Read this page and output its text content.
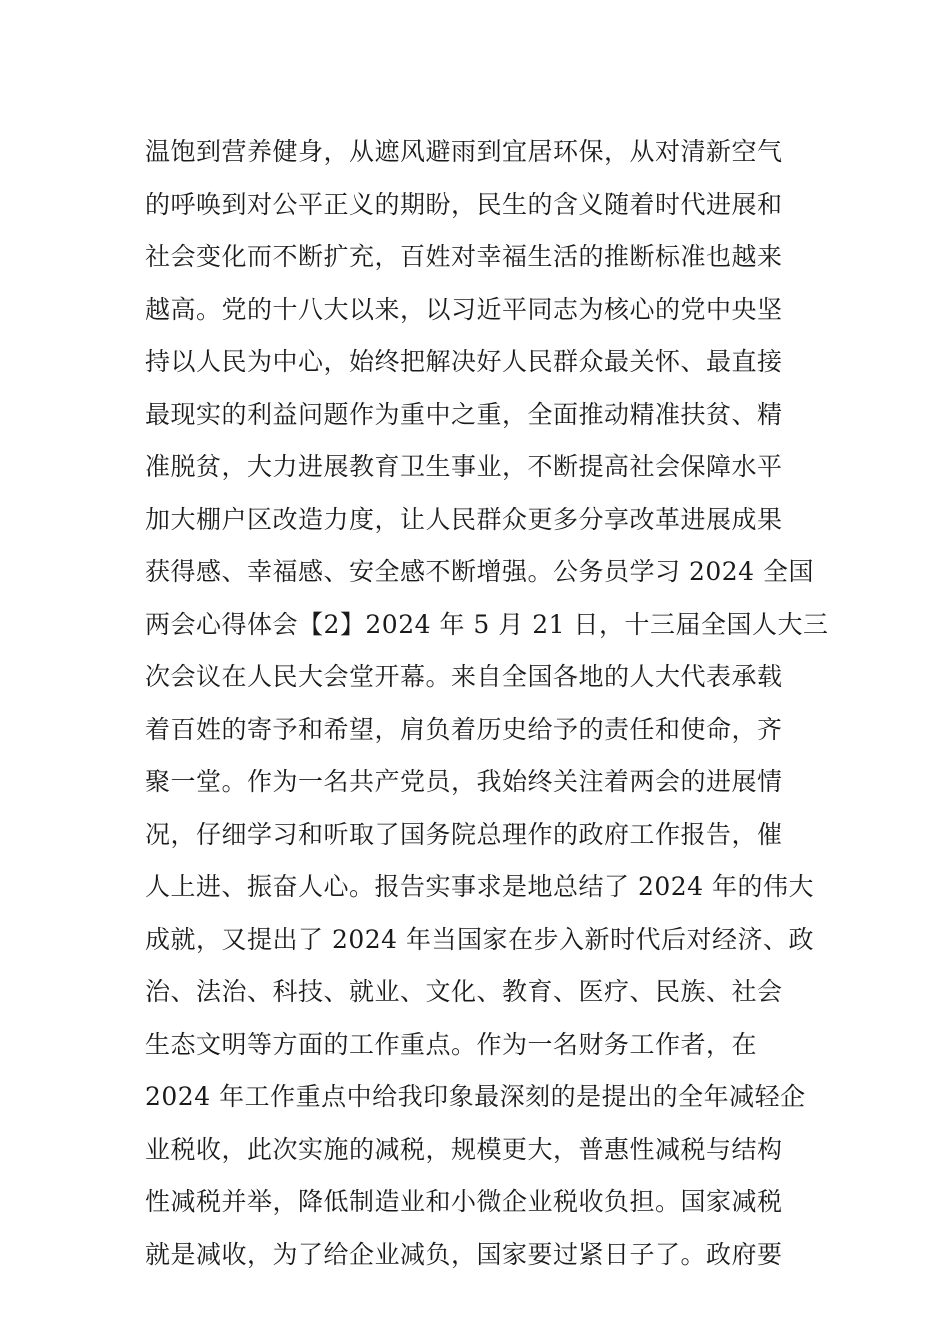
温饱到营养健身，从遮风避雨到宜居环保，从对清新空气
的呼唤到对公平正义的期盼，民生的含义随着时代进展和
社会变化而不断扩充，百姓对幸福生活的推断标准也越来
越高。党的十八大以来，以习近平同志为核心的党中央坚
持以人民为中心，始终把解决好人民群众最关怀、最直接
最现实的利益问题作为重中之重，全面推动精准扶贫、精
准脱贫，大力进展教育卫生事业，不断提高社会保障水平
加大棚户区改造力度，让人民群众更多分享改革进展成果
获得感、幸福感、安全感不断增强。公务员学习 2024 全国
两会心得体会【2】2024 年 5 月 21 日，十三届全国人大三
次会议在人民大会堂开幕。来自全国各地的人大代表承载
着百姓的寄予和希望，肩负着历史给予的责任和使命，齐
聚一堂。作为一名共产党员，我始终关注着两会的进展情
况，仔细学习和听取了国务院总理作的政府工作报告，催
人上进、振奋人心。报告实事求是地总结了 2024 年的伟大
成就，又提出了 2024 年当国家在步入新时代后对经济、政
治、法治、科技、就业、文化、教育、医疗、民族、社会
生态文明等方面的工作重点。作为一名财务工作者，在
2024 年工作重点中给我印象最深刻的是提出的全年减轻企
业税收，此次实施的减税，规模更大，普惠性减税与结构
性减税并举，降低制造业和小微企业税收负担。国家减税
就是减收，为了给企业减负，国家要过紧日子了。政府要
